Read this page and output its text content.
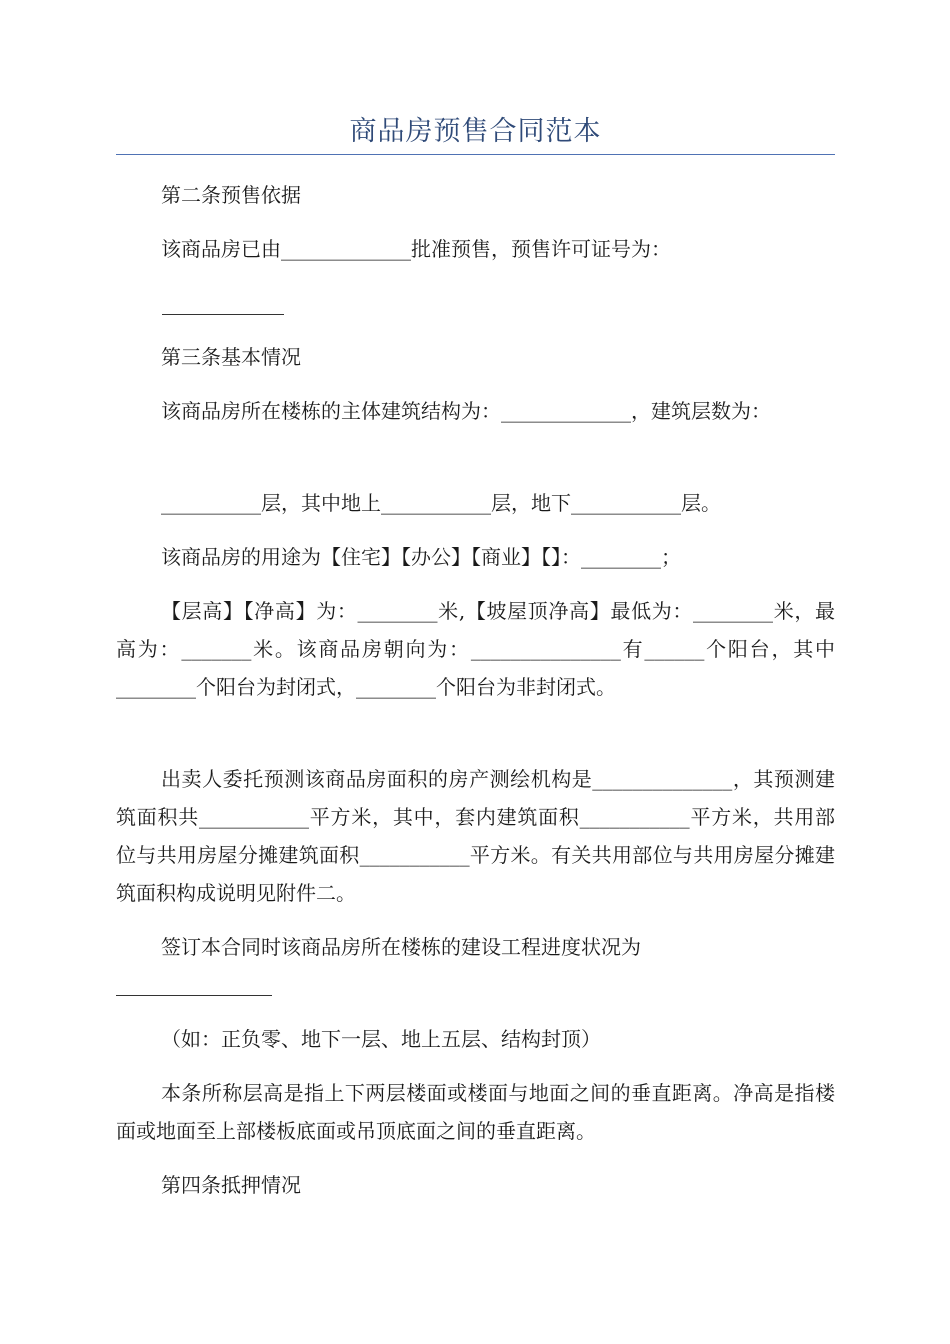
商品房预售合同范本

第二条预售依据

该商品房已由_____________批准预售，预售许可证号为：

第三条基本情况

该商品房所在楼栋的主体建筑结构为：_____________，建筑层数为：

__________层，其中地上___________层，地下___________层。

该商品房的用途为【住宅】【办公】【商业】【】：________；

【层高】【净高】为：________米,【坡屋顶净高】最低为：________米，最高为：_______米。该商品房朝向为：_______________有______个阳台，其中________个阳台为封闭式，________个阳台为非封闭式。

出卖人委托预测该商品房面积的房产测绘机构是______________，其预测建筑面积共___________平方米，其中，套内建筑面积___________平方米，共用部位与共用房屋分摊建筑面积___________平方米。有关共用部位与共用房屋分摊建筑面积构成说明见附件二。

签订本合同时该商品房所在楼栋的建设工程进度状况为

（如：正负零、地下一层、地上五层、结构封顶）

本条所称层高是指上下两层楼面或楼面与地面之间的垂直距离。净高是指楼面或地面至上部楼板底面或吊顶底面之间的垂直距离。

第四条抵押情况
